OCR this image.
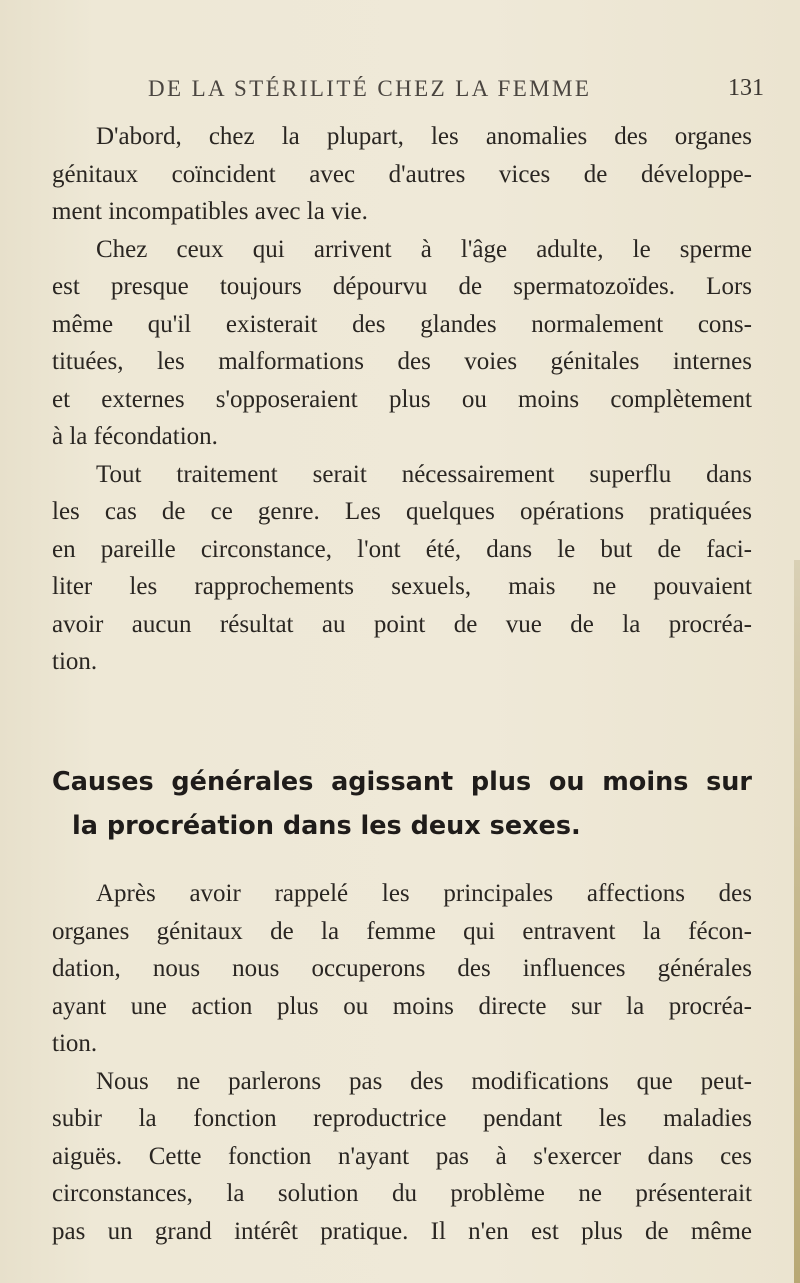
DE LA STÉRILITÉ CHEZ LA FEMME	131
D'abord, chez la plupart, les anomalies des organes
génitaux coïncident avec d'autres vices de développe-
ment incompatibles avec la vie.
Chez ceux qui arrivent à l'âge adulte, le sperme
est presque toujours dépourvu de spermatozoïdes. Lors
même qu'il existerait des glandes normalement cons-
tituées, les malformations des voies génitales internes
et externes s'opposeraient plus ou moins complètement
à la fécondation.
Tout traitement serait nécessairement superflu dans
les cas de ce genre. Les quelques opérations pratiquées
en pareille circonstance, l'ont été, dans le but de faci-
liter les rapprochements sexuels, mais ne pouvaient
avoir aucun résultat au point de vue de la procréa-
tion.
Causes générales agissant plus ou moins sur
la procréation dans les deux sexes.
Après avoir rappelé les principales affections des
organes génitaux de la femme qui entravent la fécon-
dation, nous nous occuperons des influences générales
ayant une action plus ou moins directe sur la procréa-
tion.
Nous ne parlerons pas des modifications que peut-
subir la fonction reproductrice pendant les maladies
aiguës. Cette fonction n'ayant pas à s'exercer dans ces
circonstances, la solution du problème ne présenterait
pas un grand intérêt pratique. Il n'en est plus de même
